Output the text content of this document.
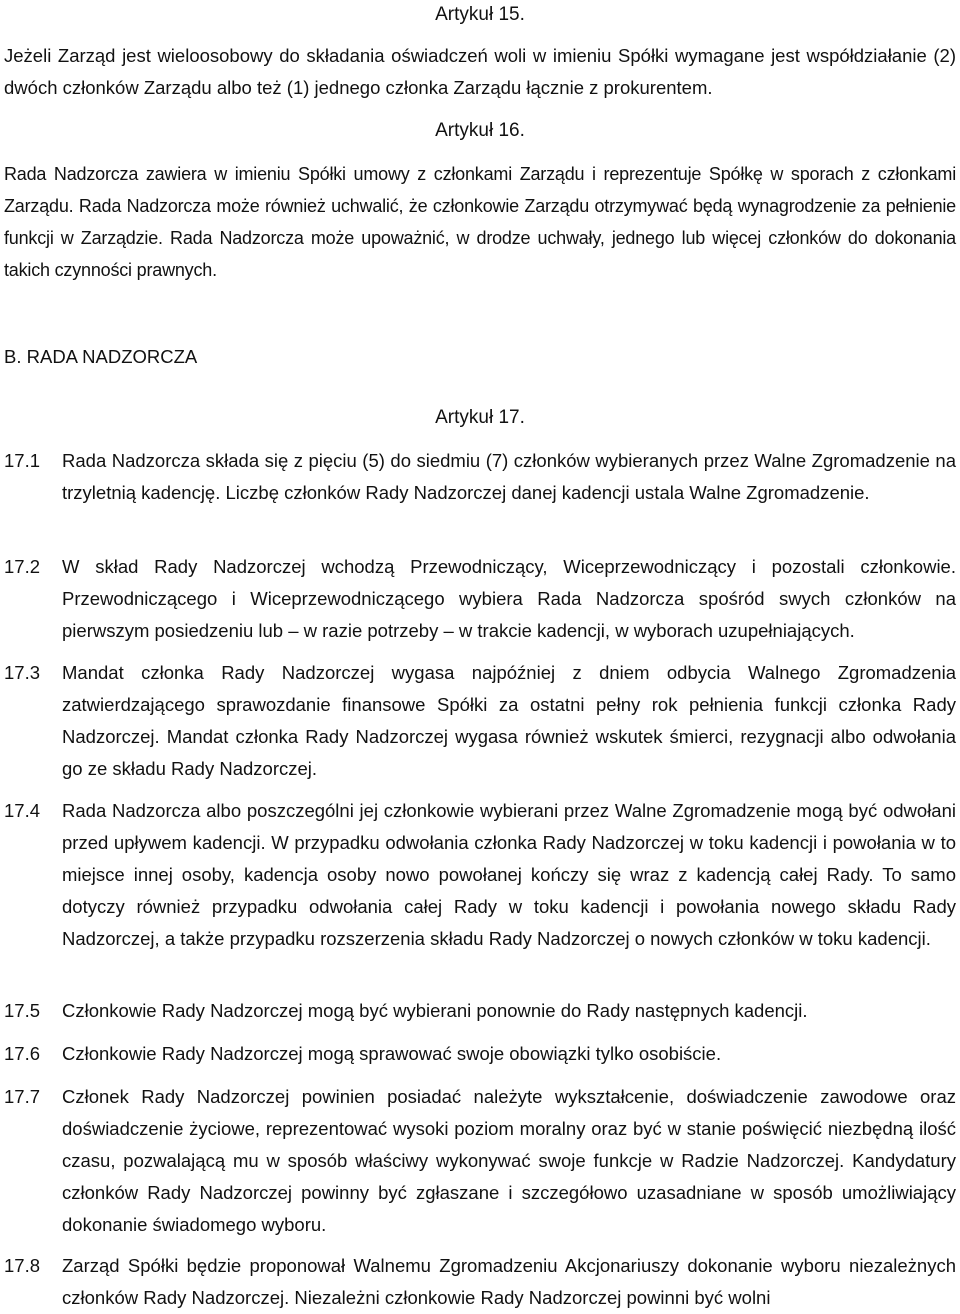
Artykuł 15.
Jeżeli Zarząd jest wieloosobowy do składania oświadczeń woli w imieniu Spółki wymagane jest współdziałanie (2) dwóch członków Zarządu albo też (1) jednego członka Zarządu łącznie z prokurentem.
Artykuł 16.
Rada Nadzorcza zawiera w imieniu Spółki umowy z członkami Zarządu i reprezentuje Spółkę w sporach z członkami Zarządu. Rada Nadzorcza może również uchwalić, że członkowie Zarządu otrzymywać będą wynagrodzenie za pełnienie funkcji w Zarządzie. Rada Nadzorcza może upoważnić, w drodze uchwały, jednego lub więcej członków do dokonania takich czynności prawnych.
B. RADA NADZORCZA
Artykuł 17.
17.1	Rada Nadzorcza składa się z pięciu (5) do siedmiu (7) członków wybieranych przez Walne Zgromadzenie na trzyletnią kadencję. Liczbę członków Rady Nadzorczej danej kadencji ustala Walne Zgromadzenie.
17.2	W skład Rady Nadzorczej wchodzą Przewodniczący, Wiceprzewodniczący i pozostali członkowie. Przewodniczącego i Wiceprzewodniczącego wybiera Rada Nadzorcza spośród swych członków na pierwszym posiedzeniu lub – w razie potrzeby – w trakcie kadencji, w wyborach uzupełniających.
17.3	Mandat członka Rady Nadzorczej wygasa najpóźniej z dniem odbycia Walnego Zgromadzenia zatwierdzającego sprawozdanie finansowe Spółki za ostatni pełny rok pełnienia funkcji członka Rady Nadzorczej. Mandat członka Rady Nadzorczej wygasa również wskutek śmierci, rezygnacji albo odwołania go ze składu Rady Nadzorczej.
17.4	Rada Nadzorcza albo poszczególni jej członkowie wybierani przez Walne Zgromadzenie mogą być odwołani przed upływem kadencji. W przypadku odwołania członka Rady Nadzorczej w toku kadencji i powołania w to miejsce innej osoby, kadencja osoby nowo powołanej kończy się wraz z kadencją całej Rady. To samo dotyczy również przypadku odwołania całej Rady w toku kadencji i powołania nowego składu Rady Nadzorczej, a także przypadku rozszerzenia składu Rady Nadzorczej o nowych członków w toku kadencji.
17.5	Członkowie Rady Nadzorczej mogą być wybierani ponownie do Rady następnych kadencji.
17.6	Członkowie Rady Nadzorczej mogą sprawować swoje obowiązki tylko osobiście.
17.7	Członek Rady Nadzorczej powinien posiadać należyte wykształcenie, doświadczenie zawodowe oraz doświadczenie życiowe, reprezentować wysoki poziom moralny oraz być w stanie poświęcić niezbędną ilość czasu, pozwalającą mu w sposób właściwy wykonywać swoje funkcje w Radzie Nadzorczej. Kandydatury członków Rady Nadzorczej powinny być zgłaszane i szczegółowo uzasadniane w sposób umożliwiający dokonanie świadomego wyboru.
17.8	Zarząd Spółki będzie proponował Walnemu Zgromadzeniu Akcjonariuszy dokonanie wyboru niezależnych członków Rady Nadzorczej. Niezależni członkowie Rady Nadzorczej powinni być wolni
